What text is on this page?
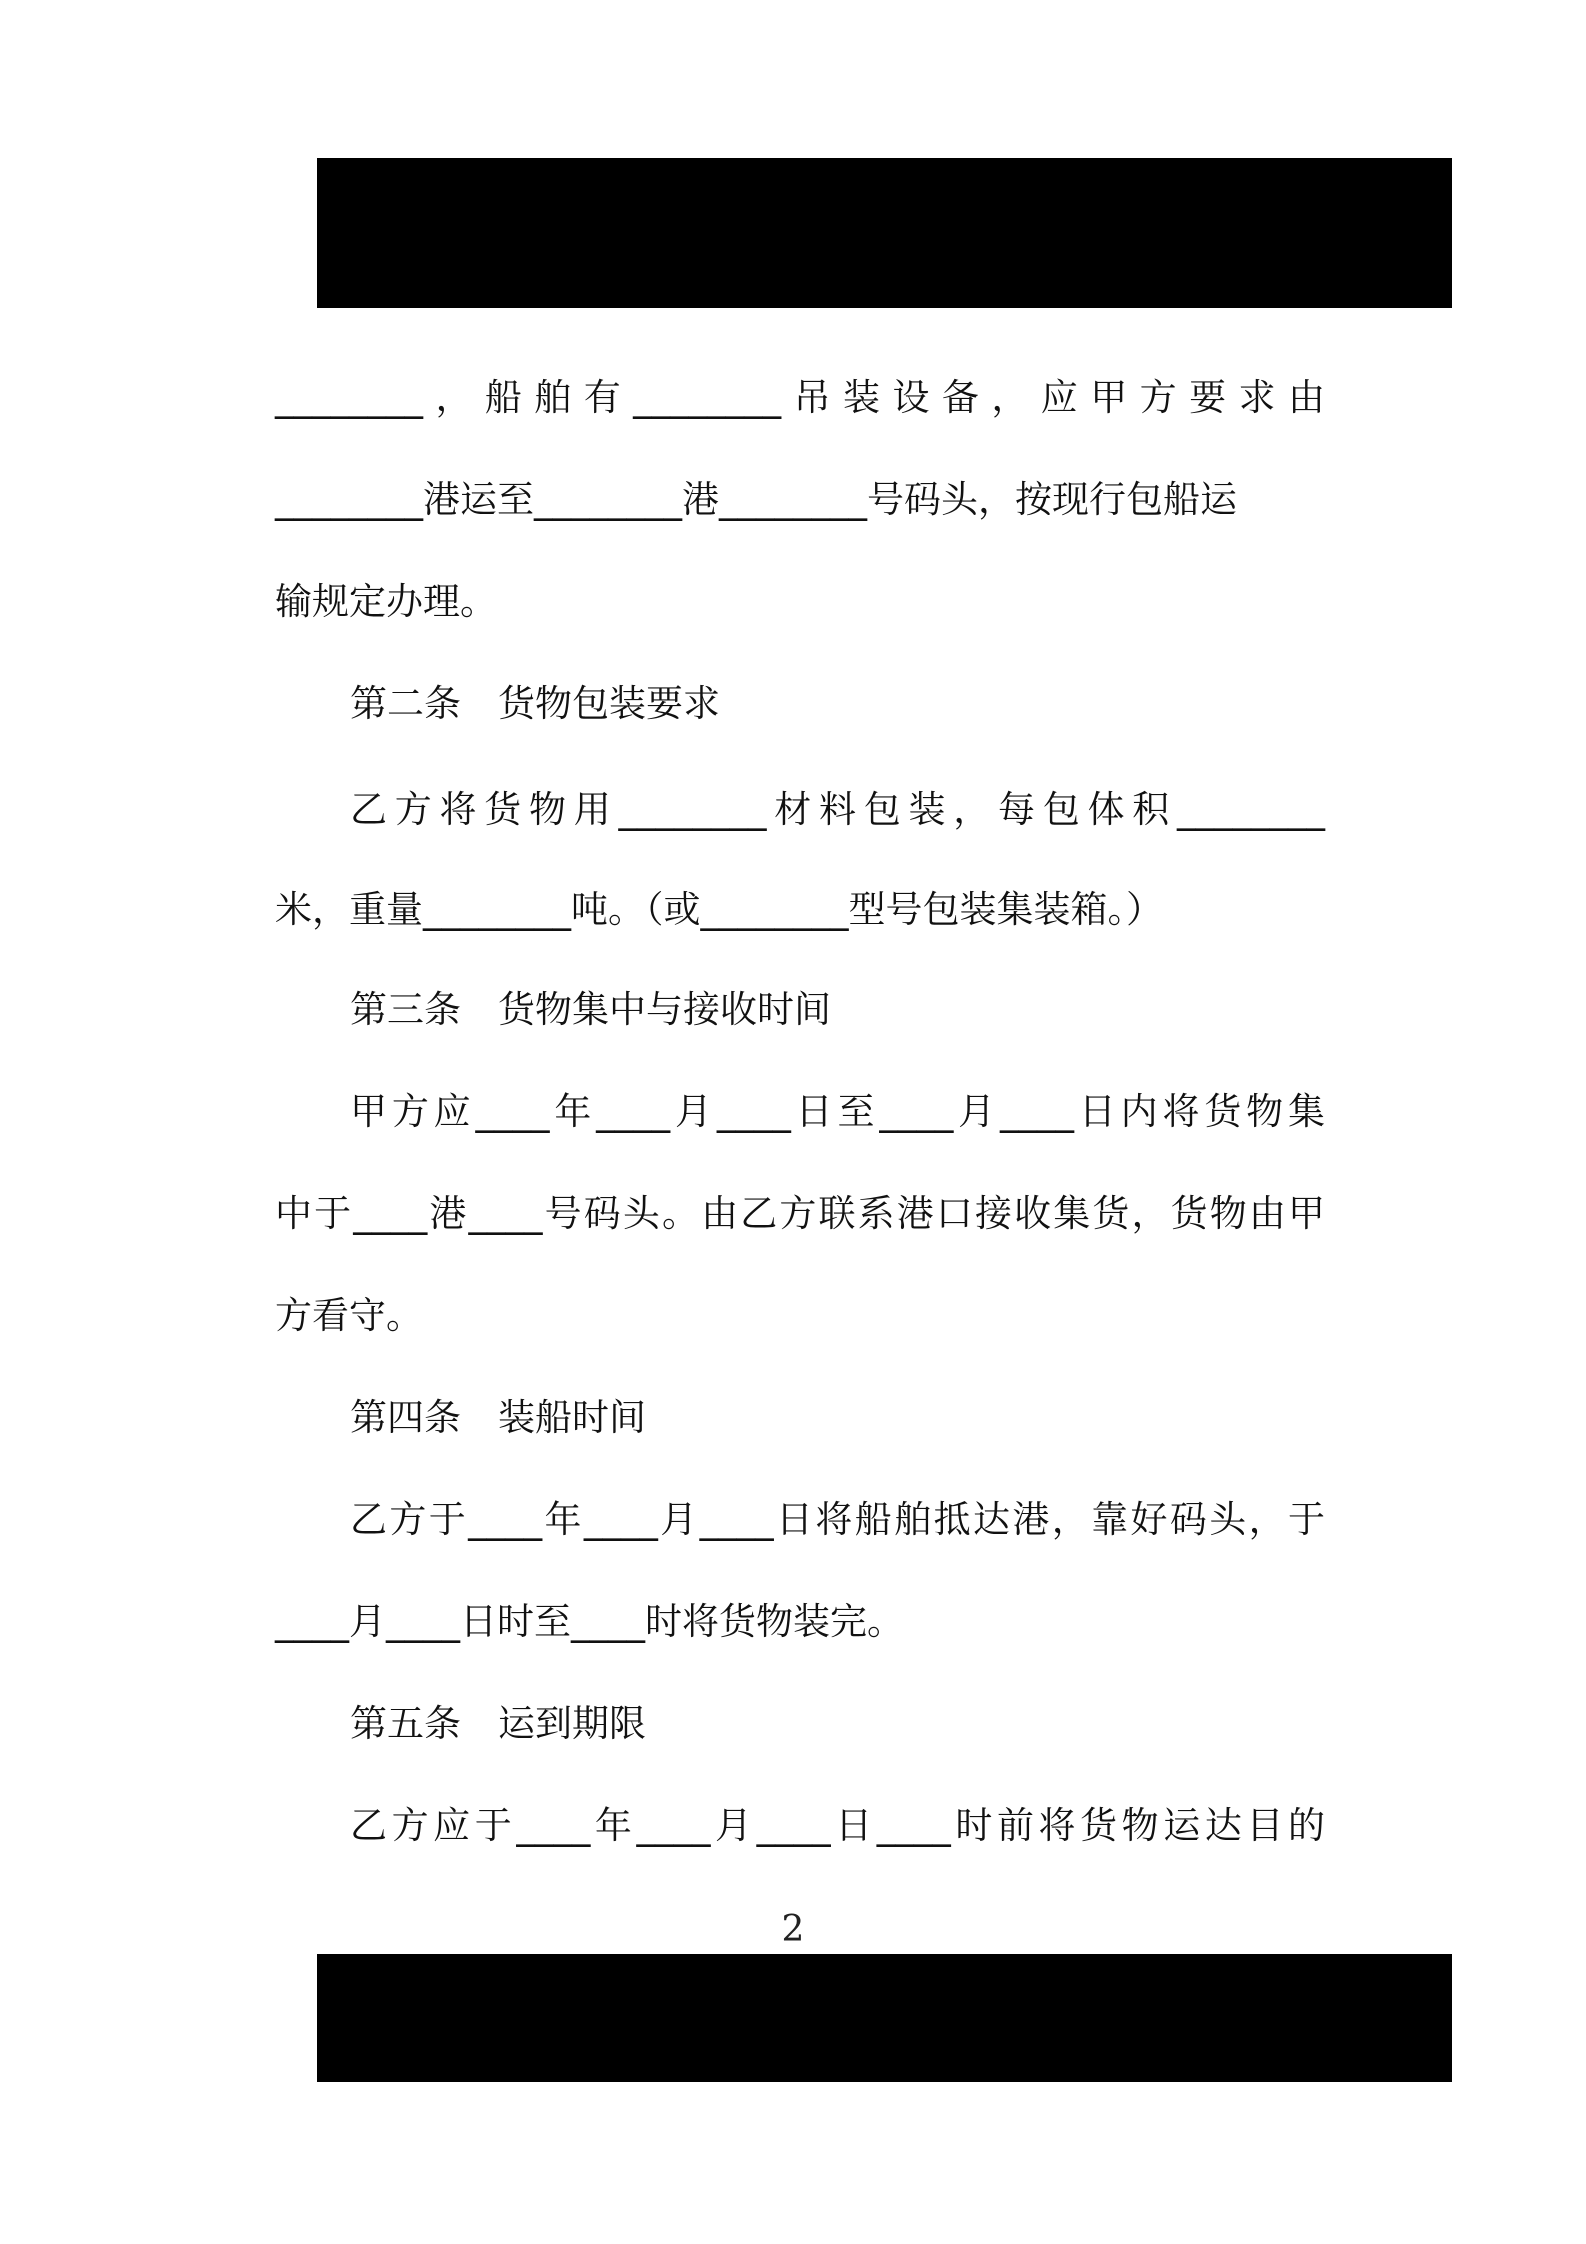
________，船舶有________吊装设备，应甲方要求由
________港运至________港________号码头，按现行包船运
输规定办理。
第二条　货物包装要求
乙方将货物用________材料包装，每包体积________
米，重量________吨。（或________型号包装集装箱。）
第三条　货物集中与接收时间
甲方应____年____月____日至____月____日内将货物集
中于____港____号码头。由乙方联系港口接收集货，货物由甲
方看守。
第四条　装船时间
乙方于____年____月____日将船舶抵达港，靠好码头，于
____月____日时至____时将货物装完。
第五条　运到期限
乙方应于____年____月____日____时前将货物运达目的
2
